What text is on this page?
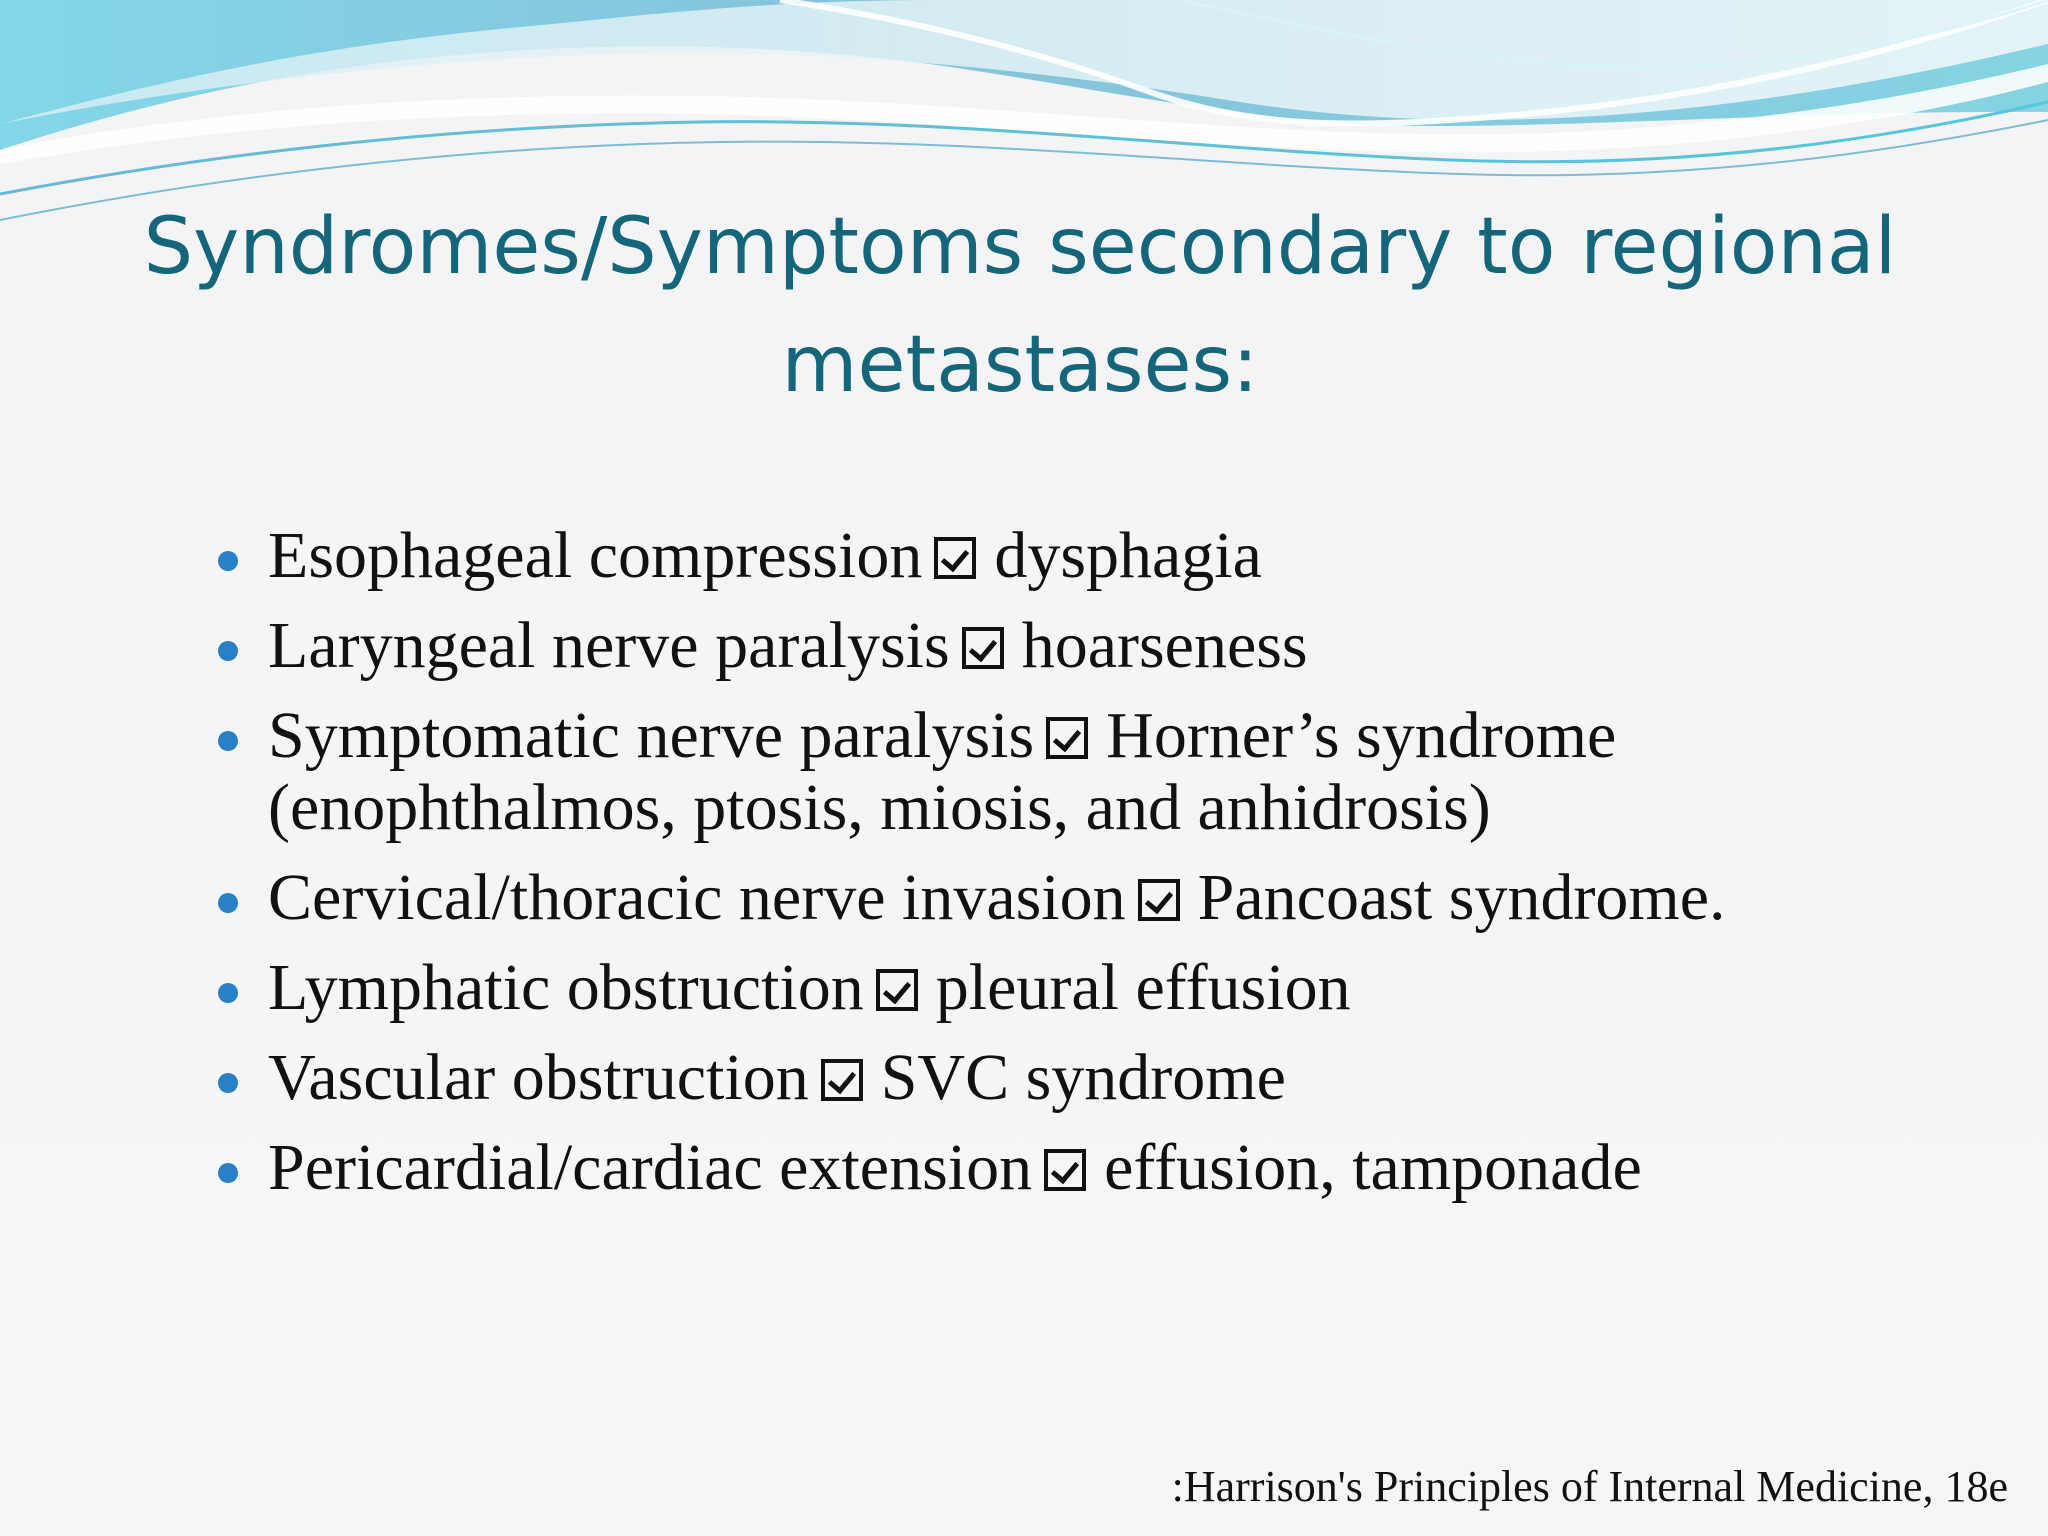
Syndromes/Symptoms secondary to regional metastases:
Esophageal compression dysphagia
Laryngeal nerve paralysis hoarseness
Symptomatic nerve paralysis Horner’s syndrome (enophthalmos, ptosis, miosis, and anhidrosis)
Cervical/thoracic nerve invasion Pancoast syndrome.
Lymphatic obstruction pleural effusion
Vascular obstruction SVC syndrome
Pericardial/cardiac extension effusion, tamponade

:Harrison's Principles of Internal Medicine, 18e
